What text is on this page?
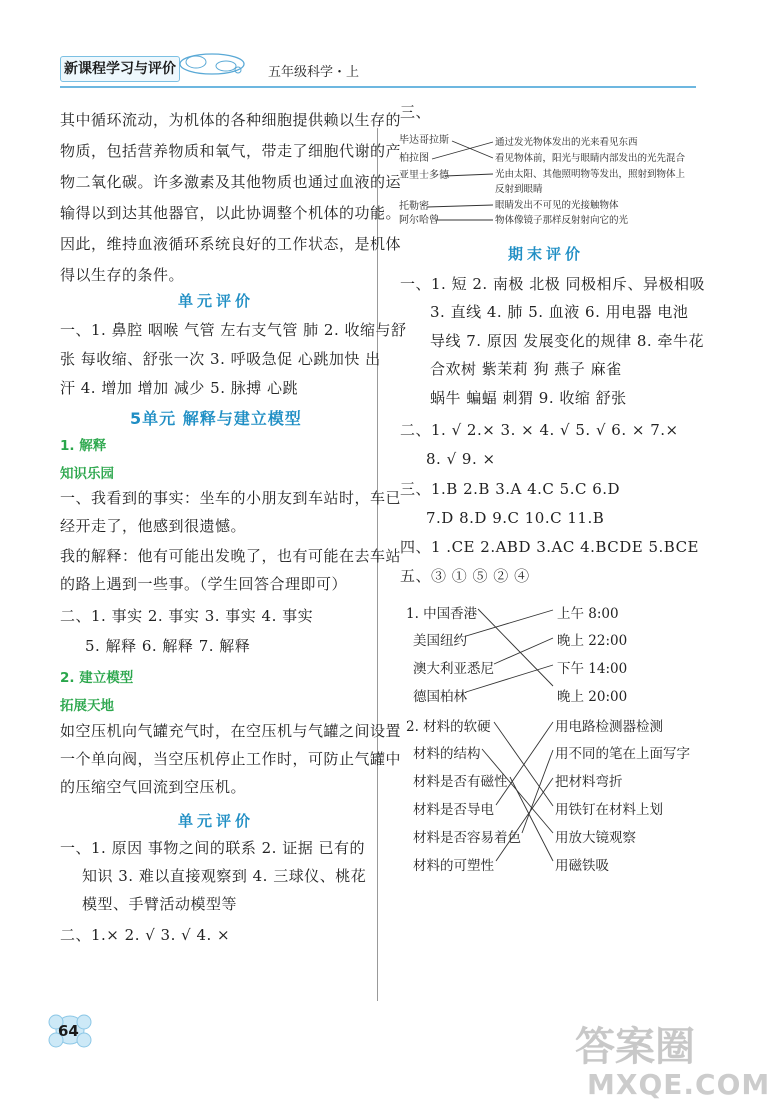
新课程学习与评价	五年级科学・上
其中循环流动，为机体的各种细胞提供赖以生存的
物质，包括营养物质和氧气，带走了细胞代谢的产
物二氧化碳。许多激素及其他物质也通过血液的运
输得以到达其他器官，以此协调整个机体的功能。
因此，维持血液循环系统良好的工作状态，是机体
得以生存的条件。
单元评价
一、1. 鼻腔 咽喉 气管 左右支气管 肺 2. 收缩与舒
张 每收缩、舒张一次 3. 呼吸急促 心跳加快 出
汗 4. 增加 增加 减少 5. 脉搏 心跳
5单元 解释与建立模型
1. 解释
知识乐园
一、我看到的事实：坐车的小朋友到车站时，车已
经开走了，他感到很遗憾。
我的解释：他有可能出发晚了，也有可能在去车站
的路上遇到一些事。（学生回答合理即可）
二、1. 事实 2. 事实 3. 事实 4. 事实
5. 解释 6. 解释 7. 解释
2. 建立模型
拓展天地
如空压机向气罐充气时，在空压机与气罐之间设置
一个单向阀，当空压机停止工作时，可防止气罐中
的压缩空气回流到空压机。
单元评价
一、1. 原因 事物之间的联系 2. 证据 已有的
知识 3. 难以直接观察到 4. 三球仪、桃花
模型、手臂活动模型等
二、1.× 2. √ 3. √ 4. ×
三、
毕达哥拉斯
柏拉图
亚里士多德
托勒密
阿尔哈曾
通过发光物体发出的光来看见东西
看见物体前，阳光与眼睛内部发出的光先混合
光由太阳、其他照明物等发出，照射到物体上
反射到眼睛
眼睛发出不可见的光接触物体
物体像镜子那样反射射向它的光
期末评价
一、1. 短 2. 南极 北极 同极相斥、异极相吸
3. 直线 4. 肺 5. 血液 6. 用电器 电池
导线 7. 原因 发展变化的规律 8. 牵牛花
合欢树 紫茉莉 狗 燕子 麻雀
蜗牛 蝙蝠 刺猬 9. 收缩 舒张
二、1. √ 2.× 3. × 4. √ 5. √ 6. × 7.×
8. √ 9. ×
三、1.B 2.B 3.A 4.C 5.C 6.D
7.D 8.D 9.C 10.C 11.B
四、1 .CE 2.ABD 3.AC 4.BCDE 5.BCE
五、③ ① ⑤ ② ④
1. 中国香港
美国纽约
澳大利亚悉尼
德国柏林
上午 8:00
晚上 22:00
下午 14:00
晚上 20:00
2. 材料的软硬
材料的结构
材料是否有磁性
材料是否导电
材料是否容易着色
材料的可塑性
用电路检测器检测
用不同的笔在上面写字
把材料弯折
用铁钉在材料上划
用放大镜观察
用磁铁吸
64	答案圈
MXQE.COM
